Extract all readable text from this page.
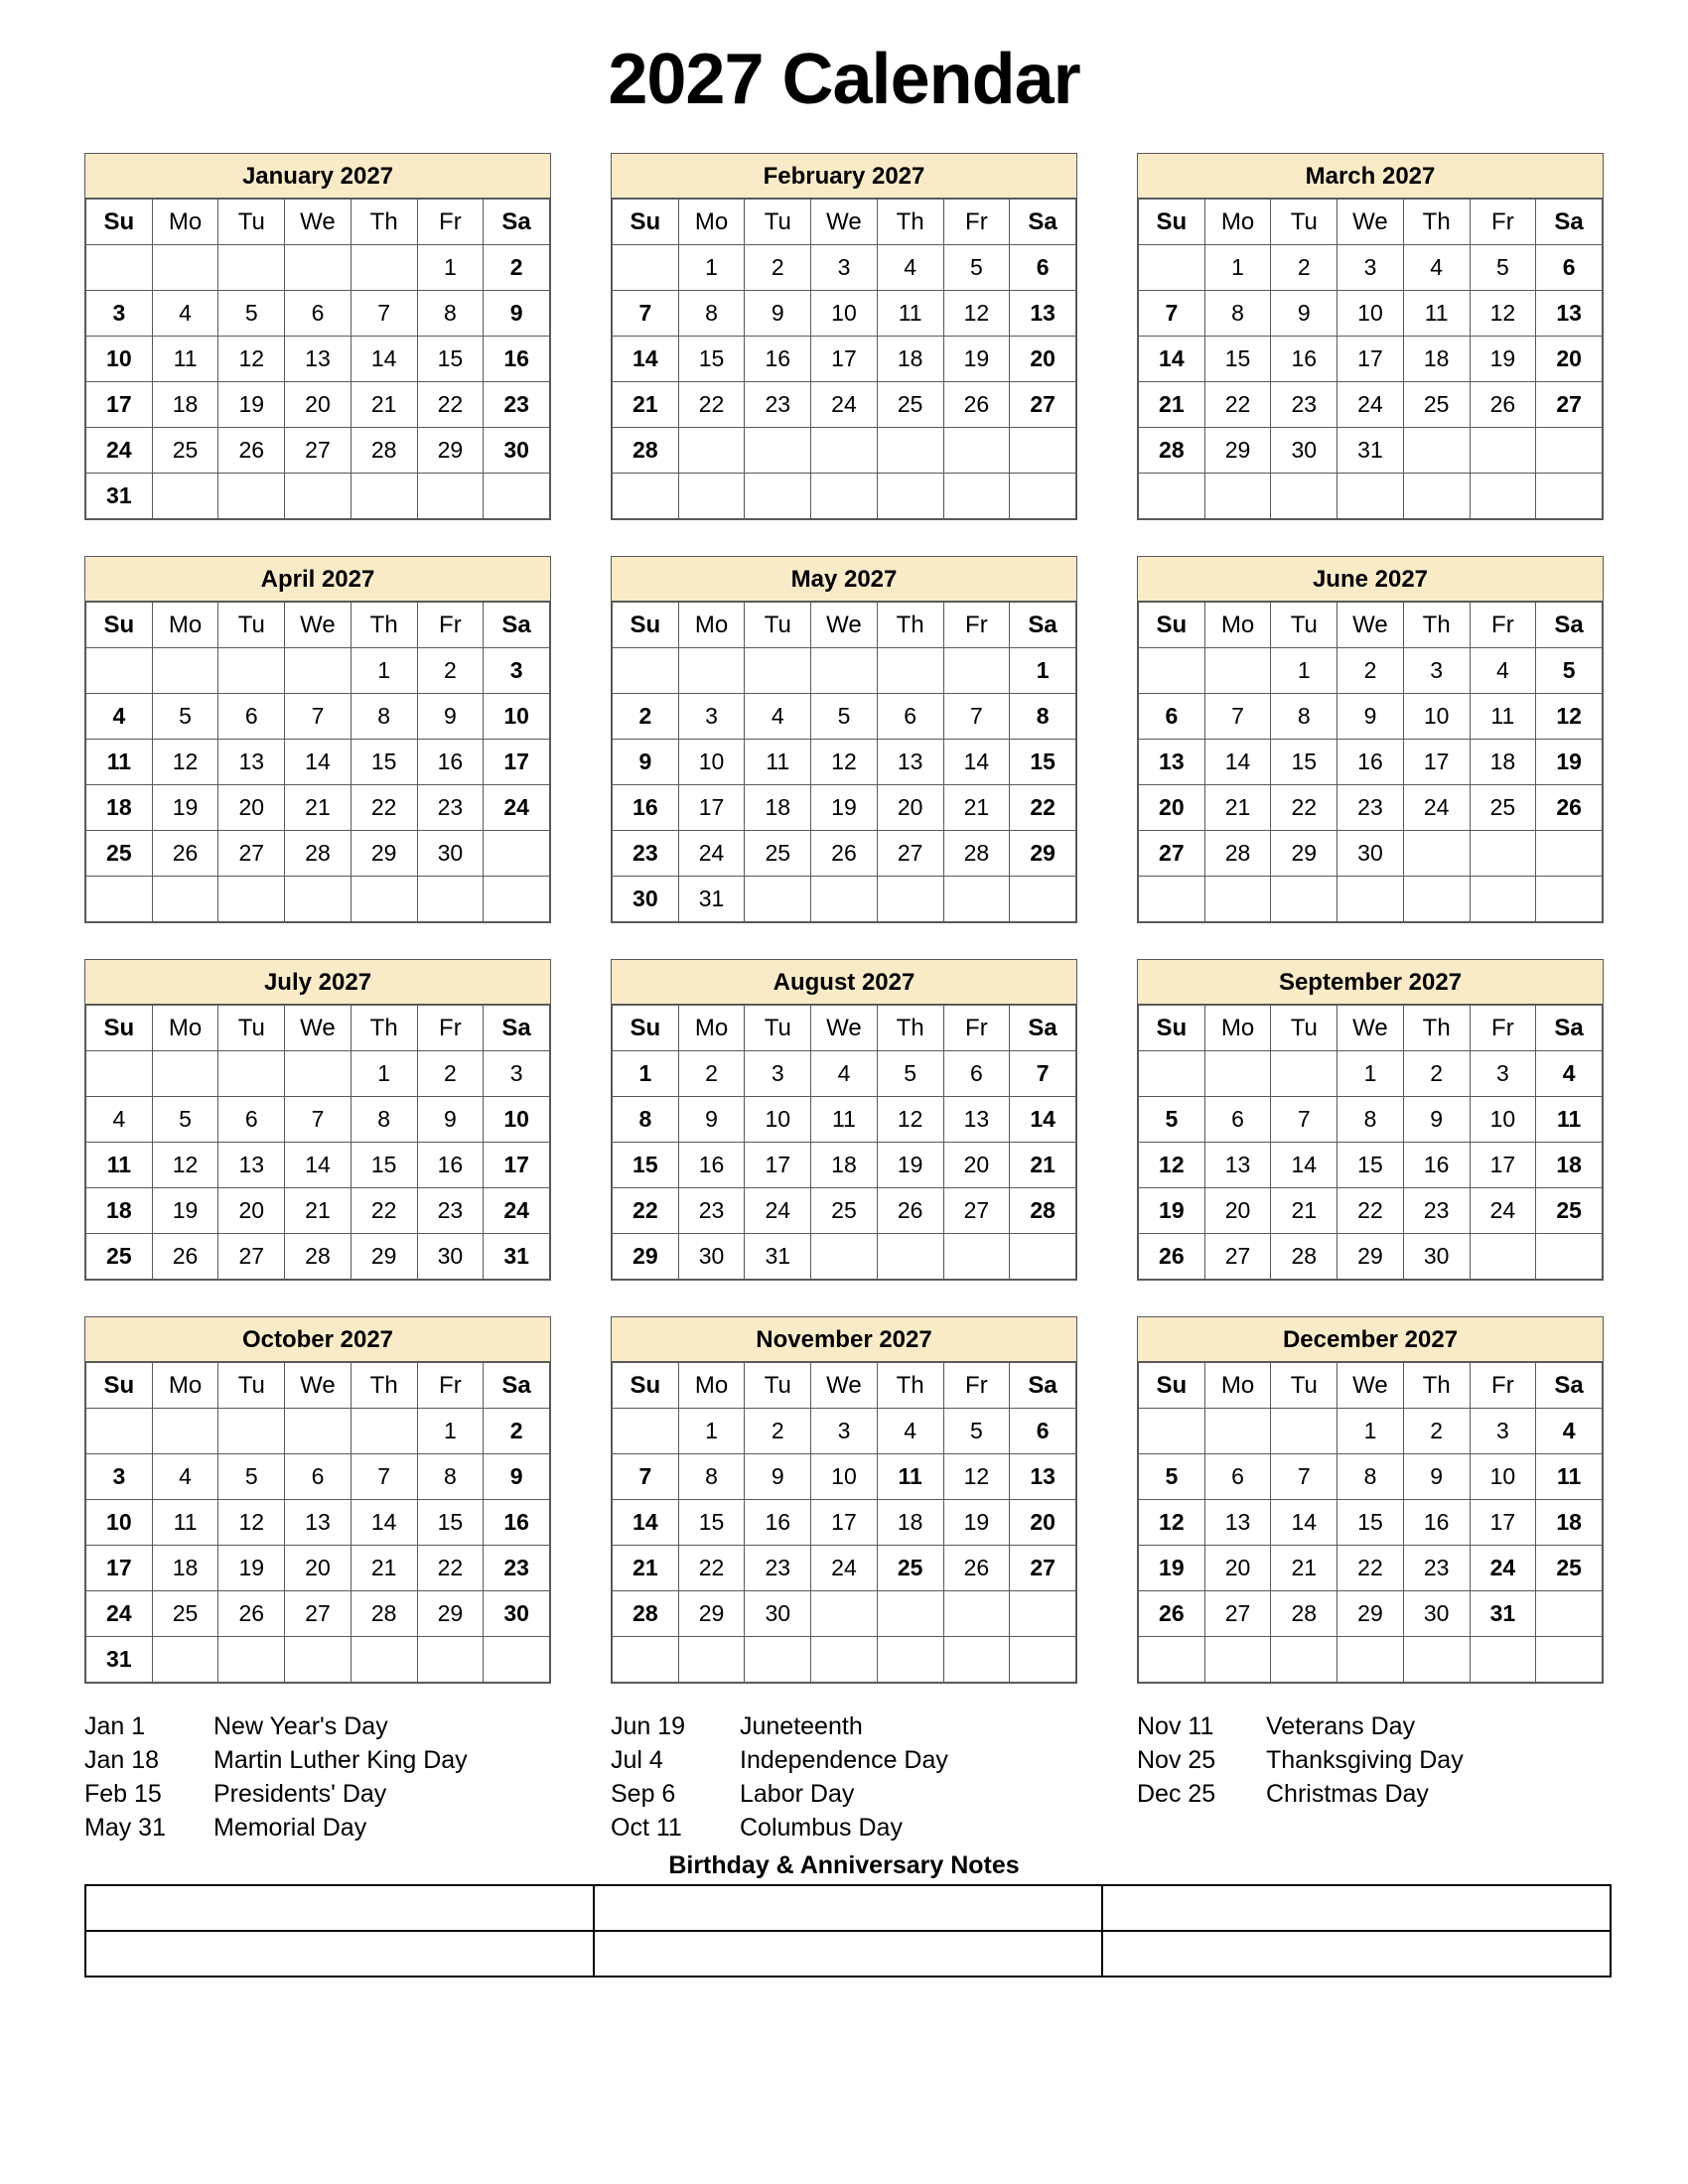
2027 Calendar
January 2027
Su	Mo	Tu	We	Th	Fr	Sa
					1	2
3	4	5	6	7	8	9
10	11	12	13	14	15	16
17	18	19	20	21	22	23
24	25	26	27	28	29	30
31						
February 2027
Su	Mo	Tu	We	Th	Fr	Sa
	1	2	3	4	5	6
7	8	9	10	11	12	13
14	15	16	17	18	19	20
21	22	23	24	25	26	27
28						

March 2027
Su	Mo	Tu	We	Th	Fr	Sa
	1	2	3	4	5	6
7	8	9	10	11	12	13
14	15	16	17	18	19	20
21	22	23	24	25	26	27
28	29	30	31			

April 2027
Su	Mo	Tu	We	Th	Fr	Sa
				1	2	3
4	5	6	7	8	9	10
11	12	13	14	15	16	17
18	19	20	21	22	23	24
25	26	27	28	29	30	

May 2027
Su	Mo	Tu	We	Th	Fr	Sa
						1
2	3	4	5	6	7	8
9	10	11	12	13	14	15
16	17	18	19	20	21	22
23	24	25	26	27	28	29
30	31					
June 2027
Su	Mo	Tu	We	Th	Fr	Sa
		1	2	3	4	5
6	7	8	9	10	11	12
13	14	15	16	17	18	19
20	21	22	23	24	25	26
27	28	29	30			

July 2027
Su	Mo	Tu	We	Th	Fr	Sa
				1	2	3
4	5	6	7	8	9	10
11	12	13	14	15	16	17
18	19	20	21	22	23	24
25	26	27	28	29	30	31
August 2027
Su	Mo	Tu	We	Th	Fr	Sa
1	2	3	4	5	6	7
8	9	10	11	12	13	14
15	16	17	18	19	20	21
22	23	24	25	26	27	28
29	30	31				
September 2027
Su	Mo	Tu	We	Th	Fr	Sa
			1	2	3	4
5	6	7	8	9	10	11
12	13	14	15	16	17	18
19	20	21	22	23	24	25
26	27	28	29	30		
October 2027
Su	Mo	Tu	We	Th	Fr	Sa
					1	2
3	4	5	6	7	8	9
10	11	12	13	14	15	16
17	18	19	20	21	22	23
24	25	26	27	28	29	30
31						
November 2027
Su	Mo	Tu	We	Th	Fr	Sa
	1	2	3	4	5	6
7	8	9	10	11	12	13
14	15	16	17	18	19	20
21	22	23	24	25	26	27
28	29	30				

December 2027
Su	Mo	Tu	We	Th	Fr	Sa
			1	2	3	4
5	6	7	8	9	10	11
12	13	14	15	16	17	18
19	20	21	22	23	24	25
26	27	28	29	30	31	

Jan 1	New Year's Day
Jan 18	Martin Luther King Day
Feb 15	Presidents' Day
May 31	Memorial Day
Jun 19	Juneteenth
Jul 4	Independence Day
Sep 6	Labor Day
Oct 11	Columbus Day
Nov 11	Veterans Day
Nov 25	Thanksgiving Day
Dec 25	Christmas Day
Birthday & Anniversary Notes
